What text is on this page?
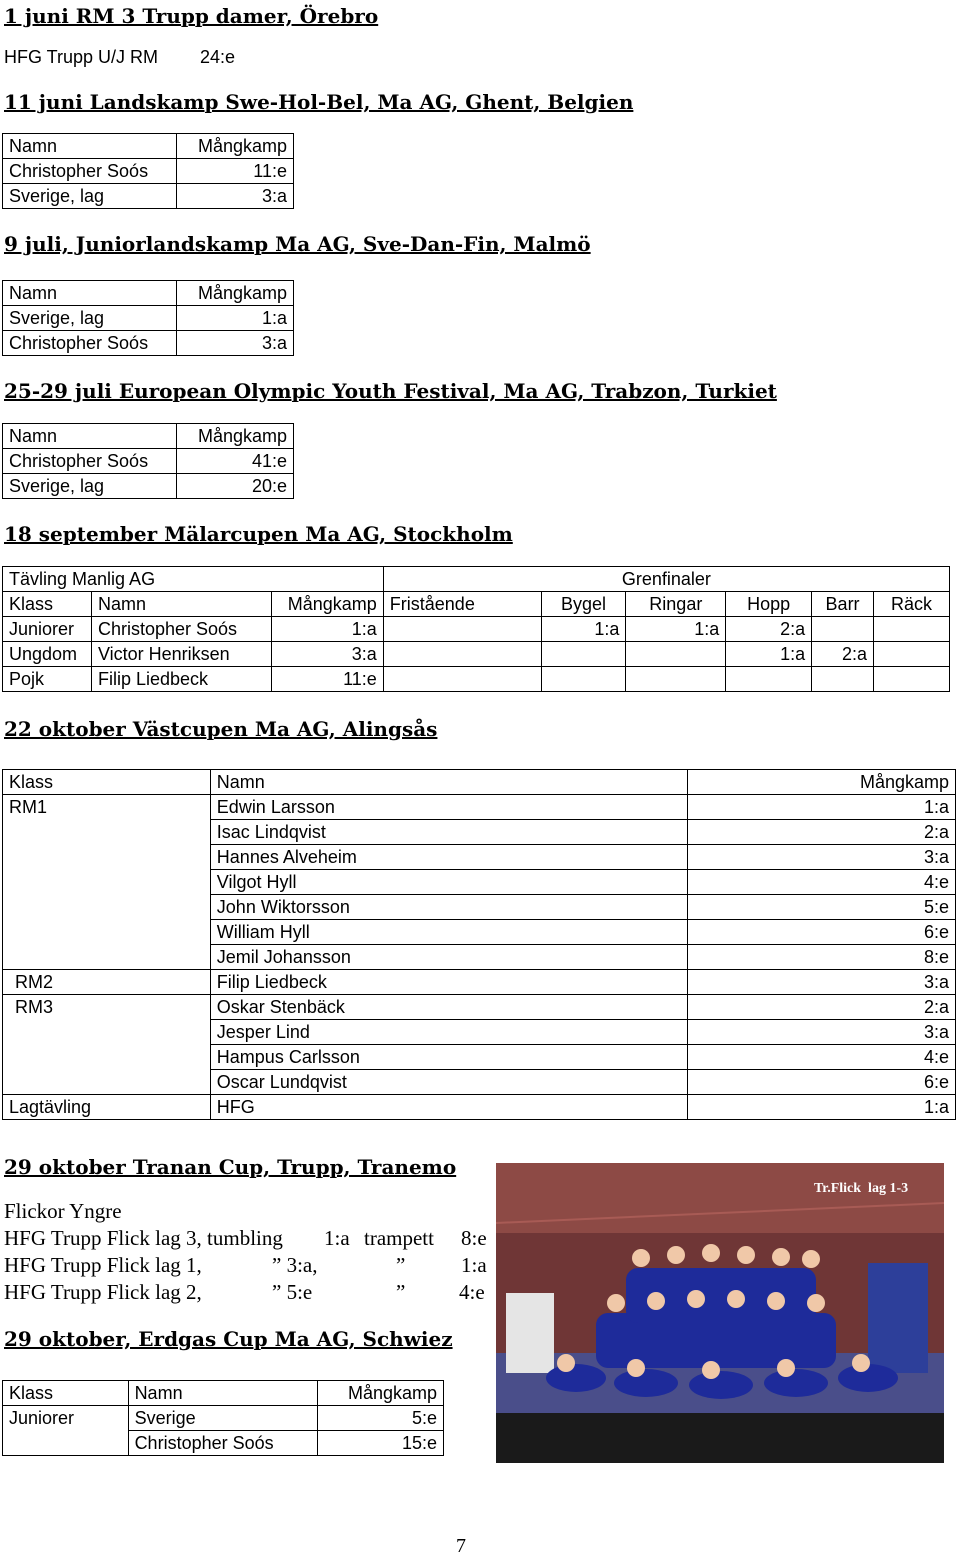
1 juni RM 3 Trupp damer, Örebro
HFG Trupp U/J RM 24:e
11 juni Landskamp Swe-Hol-Bel, Ma AG, Ghent, Belgien
Namn	Mångkamp
Christopher Soós	11:e
Sverige, lag	3:a
9 juli, Juniorlandskamp Ma AG, Sve-Dan-Fin, Malmö
Namn	Mångkamp
Sverige, lag	1:a
Christopher Soós	3:a
25-29 juli European Olympic Youth Festival, Ma AG, Trabzon, Turkiet
Namn	Mångkamp
Christopher Soós	41:e
Sverige, lag	20:e
18 september Mälarcupen Ma AG, Stockholm
Tävling Manlig AG			Grenfinaler					
Klass	Namn	Mångkamp	Fristående	Bygel	Ringar	Hopp	Barr	Räck
Juniorer	Christopher Soós	1:a		1:a	1:a	2:a		
Ungdom	Victor Henriksen	3:a				1:a	2:a	
Pojk	Filip Liedbeck	11:e						
22 oktober Västcupen Ma AG, Alingsås
Klass	Namn	Mångkamp
RM1	Edwin Larsson	1:a
	Isac Lindqvist	2:a
	Hannes Alveheim	3:a
	Vilgot Hyll	4:e
	John Wiktorsson	5:e
	William Hyll	6:e
	Jemil Johansson	8:e
RM2	Filip Liedbeck	3:a
RM3	Oskar Stenbäck	2:a
	Jesper Lind	3:a
	Hampus Carlsson	4:e
	Oscar Lundqvist	6:e
Lagtävling	HFG	1:a
29 oktober Tranan Cup, Trupp, Tranemo
Flickor Yngre
HFG Trupp Flick lag 3, tumbling 1:a trampett 8:e
HFG Trupp Flick lag 1,	” 3:a,	”	1:a
HFG Trupp Flick lag 2,	” 5:e	”	4:e
Tr.Flick  lag 1-3
29 oktober, Erdgas Cup Ma AG, Schwiez
Klass	Namn	Mångkamp
Juniorer	Sverige	5:e
	Christopher Soós	15:e
7
